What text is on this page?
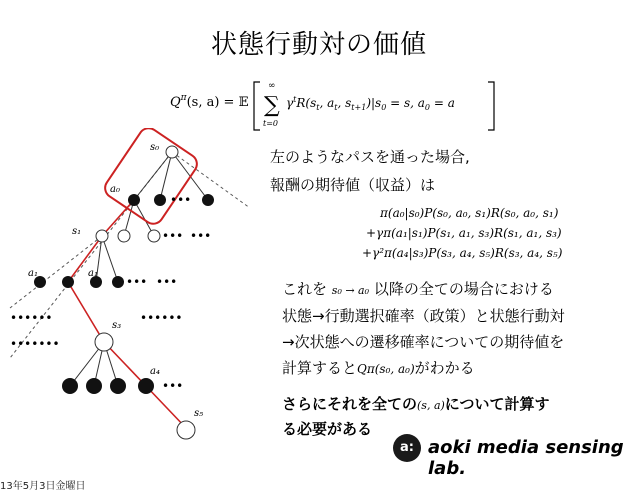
状態行動対の価値
$Q^\pi(s$, a) = 𝔼
∞
∑
t=0
$\gamma^tR(s_t$, $a_t$, $s_{t+1})|s_0 = s$, $a_0 = a$
•••
•••
•••
•••
•••
•••
••••••	••••••
•••••••
s₀
a₀
s₁
a₁
a₁
s₃
a₄
s₅
左のようなパスを通った場合,
報酬の期待値（収益）は
π(a₀|s₀)P(s₀, a₀, s₁)R(s₀, a₀, s₁)
+γπ(a₁|s₁)P(s₁, a₁, s₃)R(s₁, a₁, s₃)
+γ²π(a₄|s₃)P(s₃, a₄, s₅)R(s₃, a₄, s₅)
これを s₀ → a₀ 以降の全ての場合における
状態→行動選択確率（政策）と状態行動対
→次状態への遷移確率についての期待値を
計算するとQπ(s₀, a₀)がわかる
さらにそれを全ての(s, a)について計算す
る必要がある
a: aoki media sensing lab.
13年5月3日金曜日
